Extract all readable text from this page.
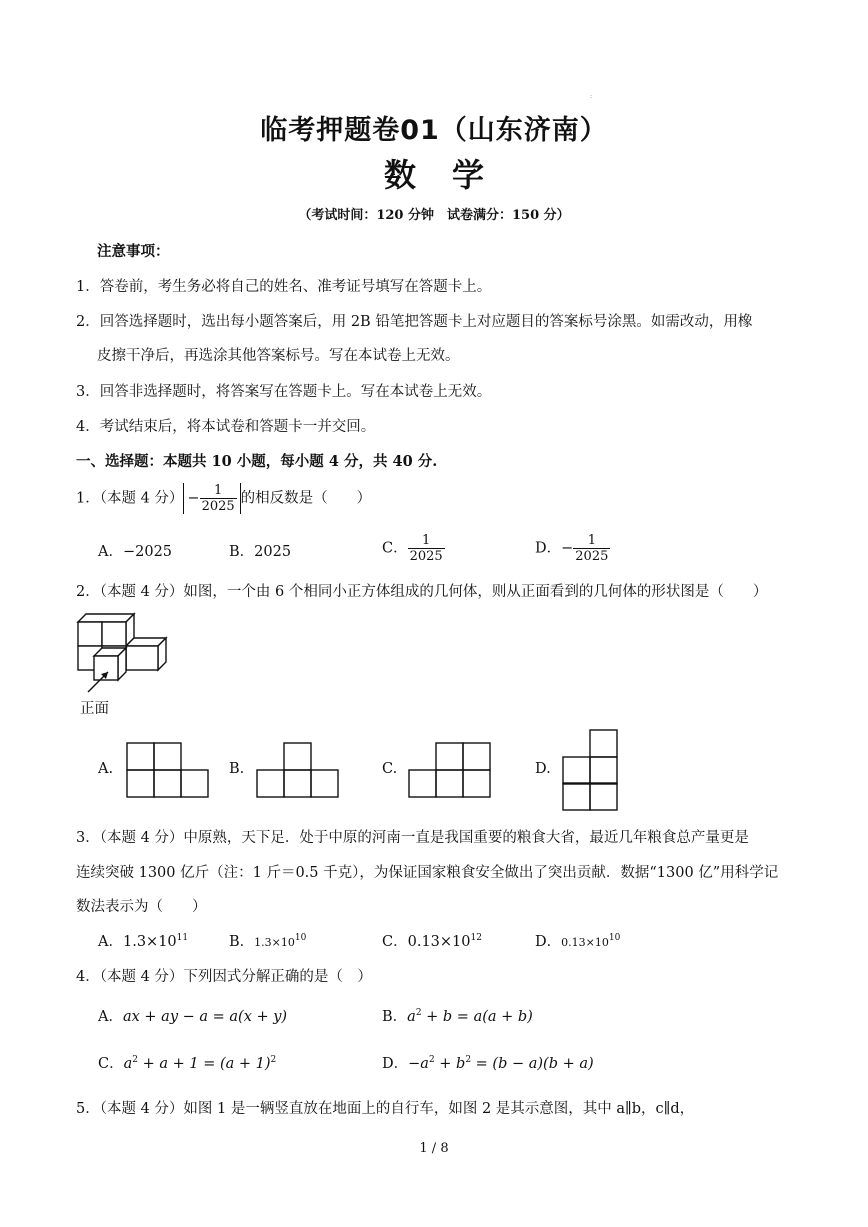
:
临考押题卷01（山东济南）
数学
（考试时间：120 分钟　试卷满分：150 分）
注意事项：
1．答卷前，考生务必将自己的姓名、准考证号填写在答题卡上。
2．回答选择题时，选出每小题答案后，用 2B 铅笔把答题卡上对应题目的答案标号涂黑。如需改动，用橡
皮擦干净后，再选涂其他答案标号。写在本试卷上无效。
3．回答非选择题时，将答案写在答题卡上。写在本试卷上无效。
4．考试结束后，将本试卷和答题卡一并交回。
一、选择题：本题共 10 小题，每小题 4 分，共 40 分.
1．（本题 4 分） − $\frac{1}{2025}$ 的相反数是（　　）
A．−2025	B．2025	C． $\frac{1}{2025}$	D．− $\frac{1}{2025}$
2．（本题 4 分）如图，一个由 6 个相同小正方体组成的几何体，则从正面看到的几何体的形状图是（　　）
正面
A.	B.	C.	D.
3．（本题 4 分）中原熟，天下足．处于中原的河南一直是我国重要的粮食大省，最近几年粮食总产量更是
连续突破 1300 亿斤（注：1 斤＝0.5 千克），为保证国家粮食安全做出了突出贡献．数据“1300 亿”用科学记
数法表示为（　　）
A．$1.3\times 10^{11}$	B．$1.3\times 10^{10}$	C．$0.13\times 10^{12}$	D．$0.13\times 10^{10}$
4．（本题 4 分）下列因式分解正确的是（　）
A．ax + ay − a = a(x + y)	B．$a^2 + b = a(a + b)$
C．$a^2 + a + 1 = (a + 1)^2$	D．$-a^2 + b^2 = (b - a)(b + a)$
5．（本题 4 分）如图 1 是一辆竖直放在地面上的自行车，如图 2 是其示意图，其中 a∥b，c∥d，
1 / 8
